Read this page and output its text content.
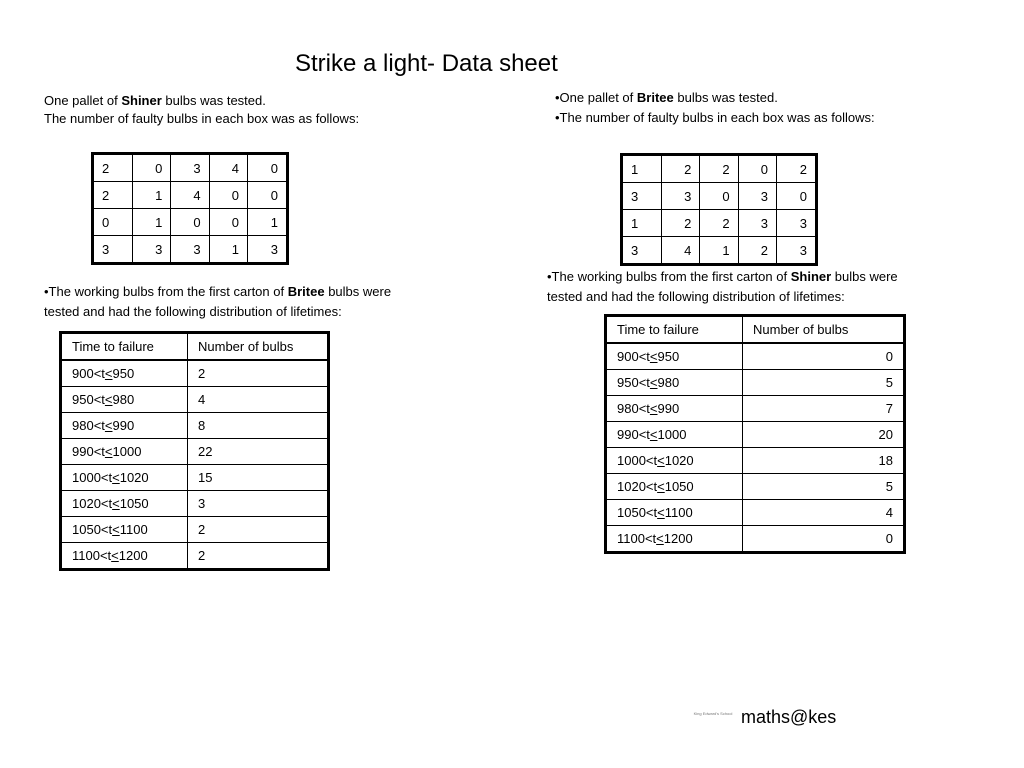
Strike a light- Data sheet
One pallet of Shiner bulbs was tested.
The number of faulty bulbs in each box was as follows:
2	0	3	4	0
2	1	4	0	0
0	1	0	0	1
3	3	3	1	3
•The working bulbs from the first carton of Britee bulbs were
tested and had the following distribution of lifetimes:
Time to failure	Number of bulbs
900<t<950	2
950<t<980	4
980<t<990	8
990<t<1000	22
1000<t<1020	15
1020<t<1050	3
1050<t<1100	2
1100<t<1200	2
•One pallet of Britee bulbs was tested.
•The number of faulty bulbs in each box was as follows:
1	2	2	0	2
3	3	0	3	0
1	2	2	3	3
3	4	1	2	3
•The working bulbs from the first carton of Shiner bulbs were
tested and had the following distribution of lifetimes:
Time to failure	Number of bulbs
900<t<950	0
950<t<980	5
980<t<990	7
990<t<1000	20
1000<t<1020	18
1020<t<1050	5
1050<t<1100	4
1100<t<1200	0
King Edward's School maths@kes
